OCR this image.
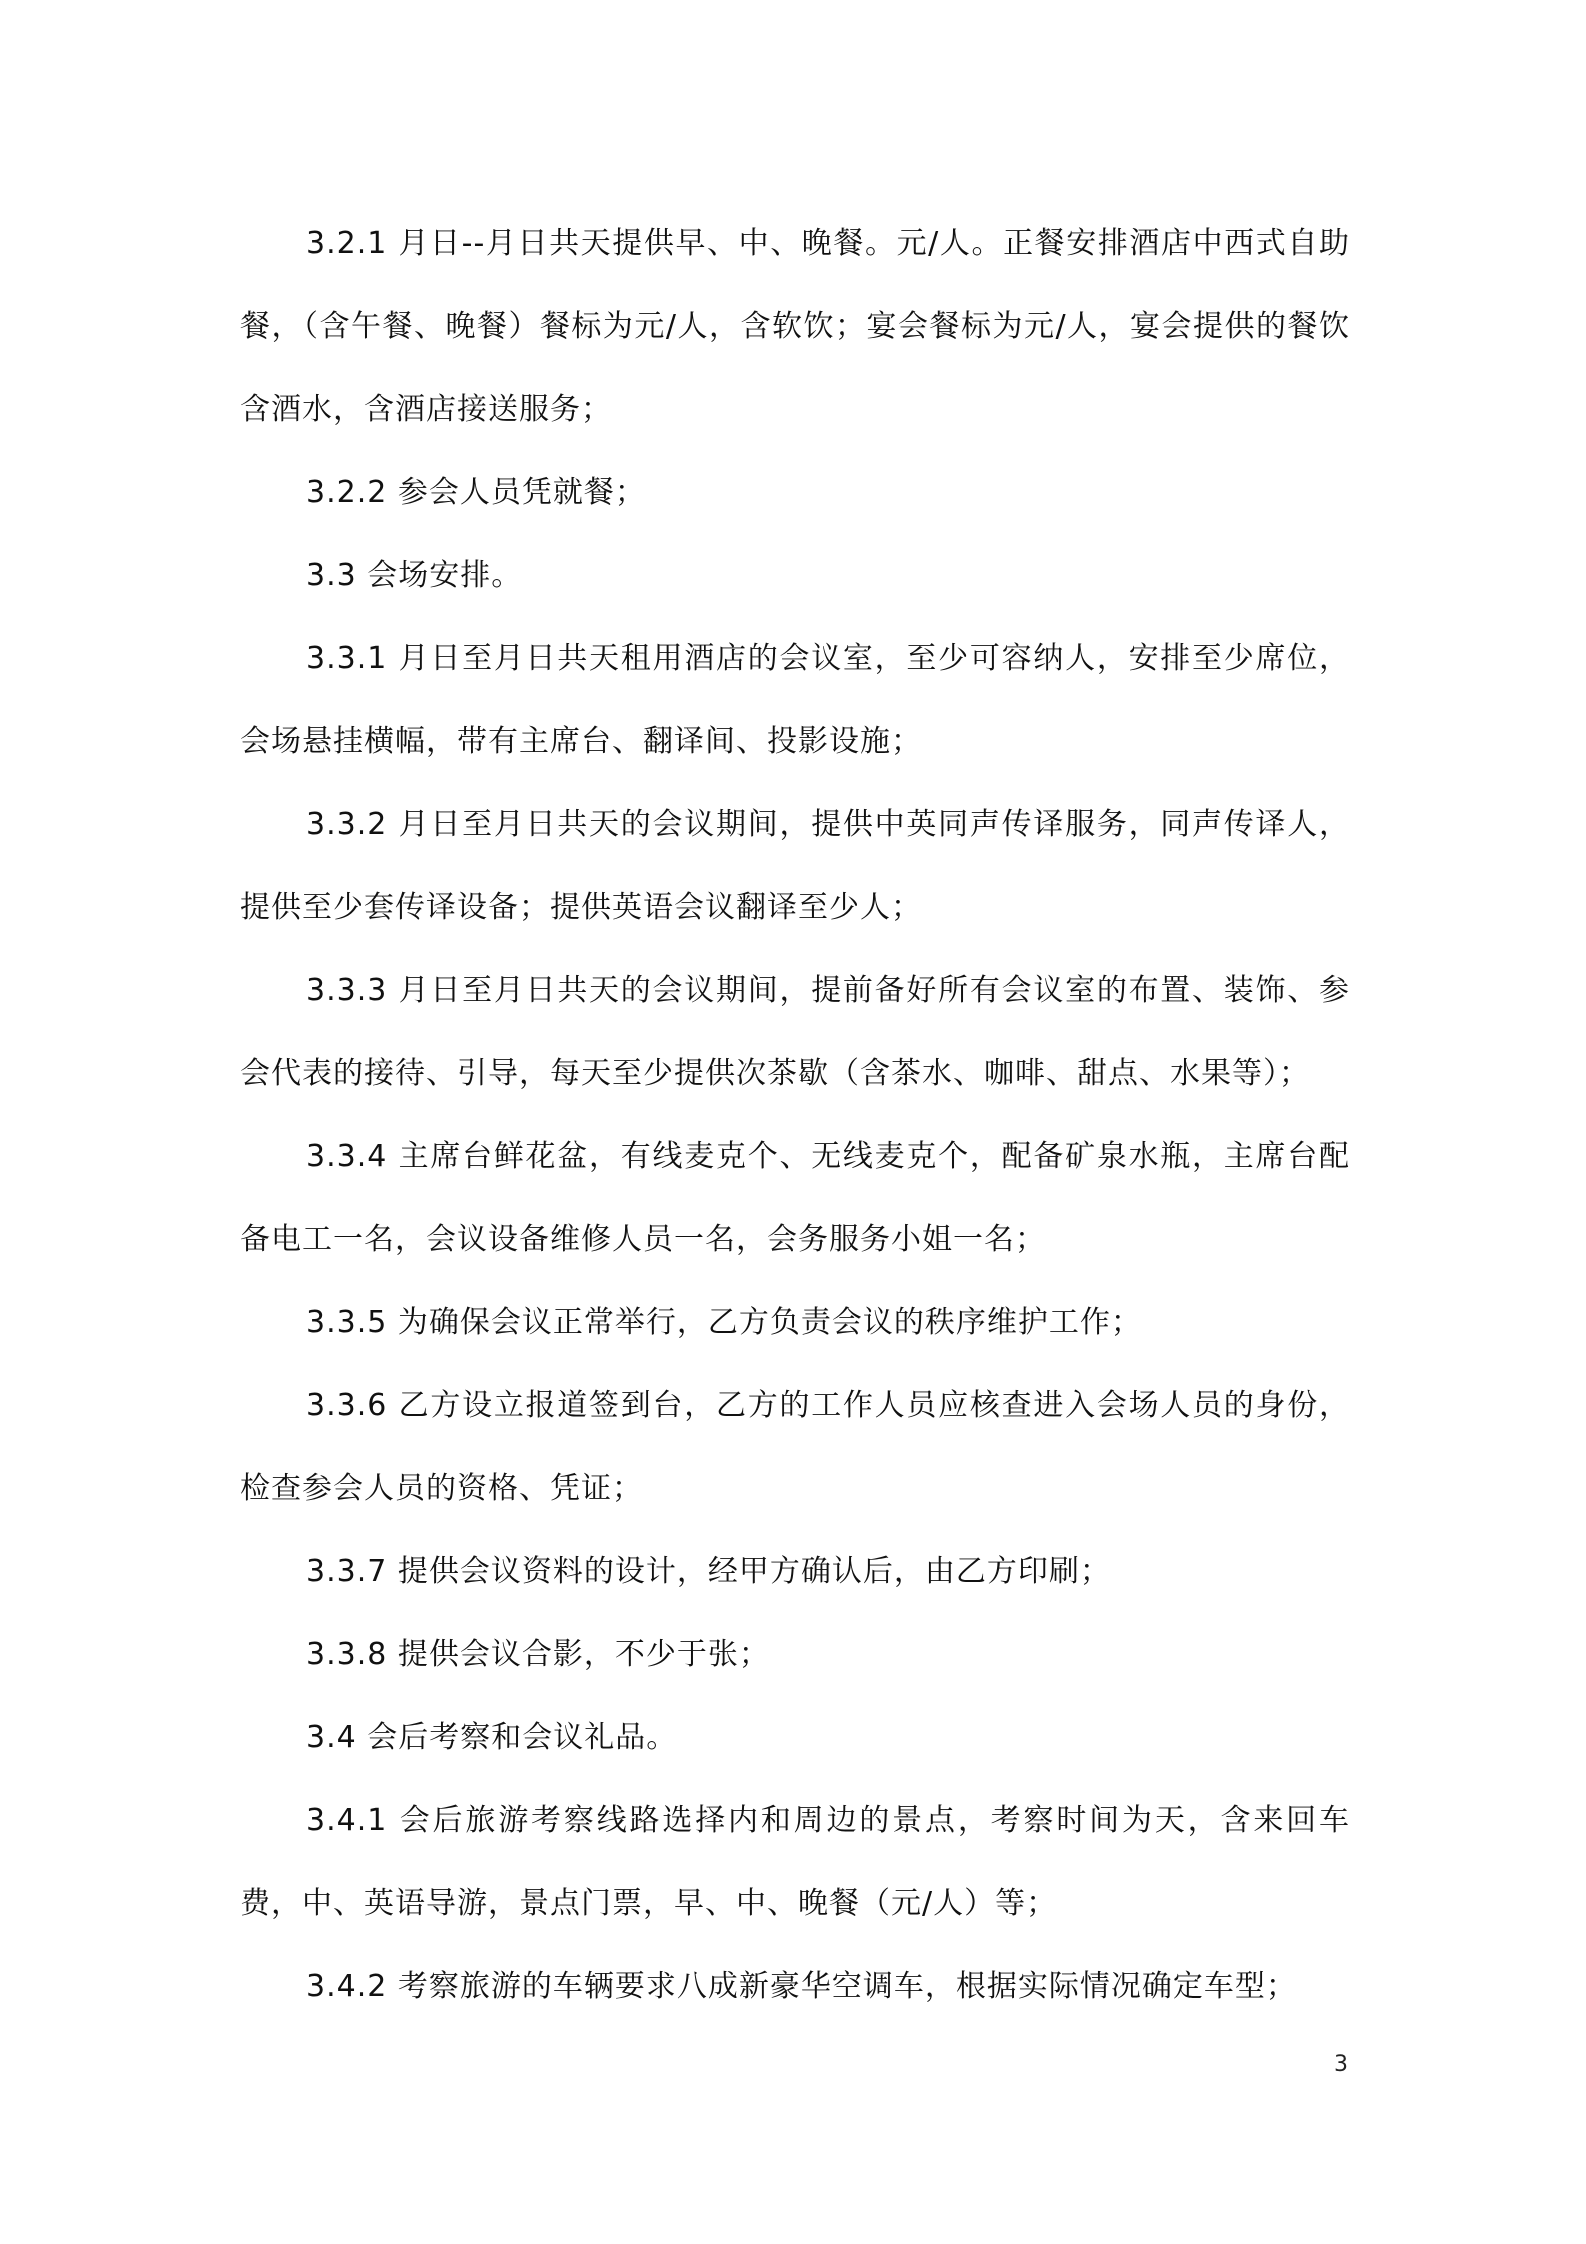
3.2.1 月日--月日共天提供早、中、晚餐。元/人。正餐安排酒店中西式自助餐，（含午餐、晚餐）餐标为元/人，含软饮；宴会餐标为元/人，宴会提供的餐饮含酒水，含酒店接送服务；

3.2.2 参会人员凭就餐；

3.3 会场安排。

3.3.1 月日至月日共天租用酒店的会议室，至少可容纳人，安排至少席位，会场悬挂横幅，带有主席台、翻译间、投影设施；

3.3.2 月日至月日共天的会议期间，提供中英同声传译服务，同声传译人，提供至少套传译设备；提供英语会议翻译至少人；

3.3.3 月日至月日共天的会议期间，提前备好所有会议室的布置、装饰、参会代表的接待、引导，每天至少提供次茶歇（含茶水、咖啡、甜点、水果等）；

3.3.4 主席台鲜花盆，有线麦克个、无线麦克个，配备矿泉水瓶，主席台配备电工一名，会议设备维修人员一名，会务服务小姐一名；

3.3.5 为确保会议正常举行，乙方负责会议的秩序维护工作；

3.3.6 乙方设立报道签到台，乙方的工作人员应核查进入会场人员的身份，检查参会人员的资格、凭证；

3.3.7 提供会议资料的设计，经甲方确认后，由乙方印刷；

3.3.8 提供会议合影，不少于张；

3.4 会后考察和会议礼品。

3.4.1 会后旅游考察线路选择内和周边的景点，考察时间为天，含来回车费，中、英语导游，景点门票，早、中、晚餐（元/人）等；

3.4.2 考察旅游的车辆要求八成新豪华空调车，根据实际情况确定车型；

3
